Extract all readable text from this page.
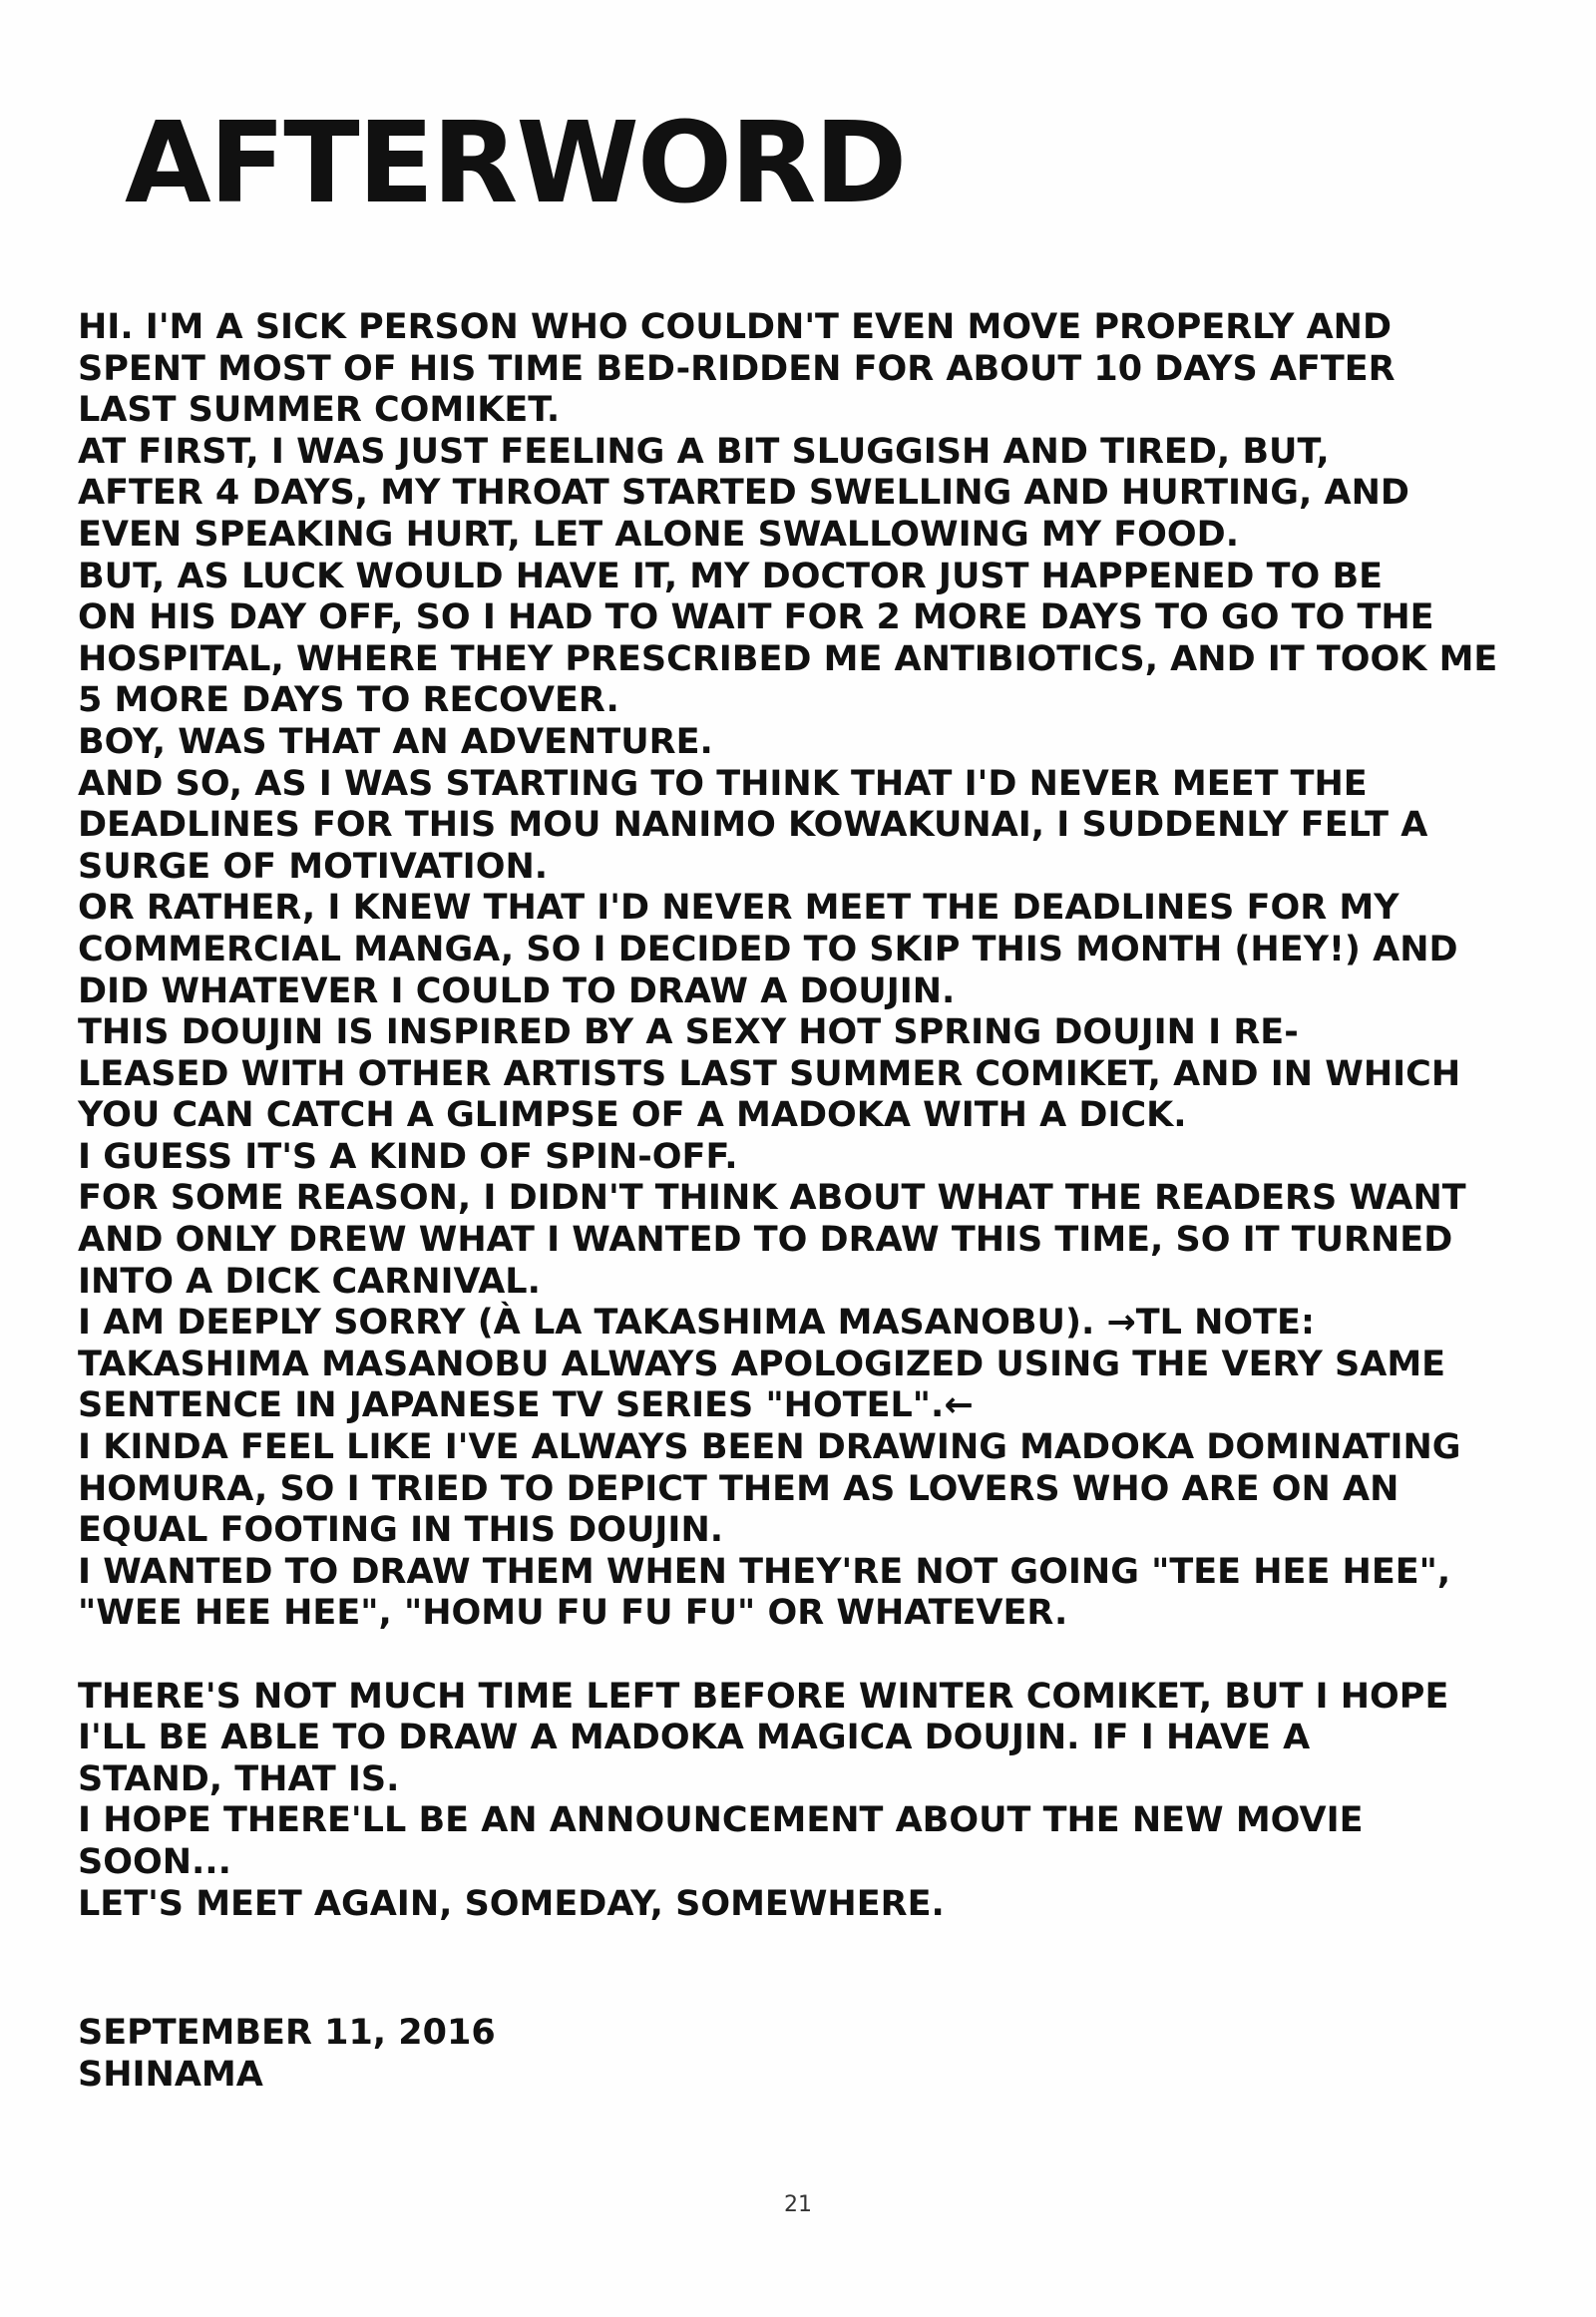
AFTERWORD
HI. I'M A SICK PERSON WHO COULDN'T EVEN MOVE PROPERLY AND
SPENT MOST OF HIS TIME BED-RIDDEN FOR ABOUT 10 DAYS AFTER
LAST SUMMER COMIKET.
AT FIRST, I WAS JUST FEELING A BIT SLUGGISH AND TIRED, BUT,
AFTER 4 DAYS, MY THROAT STARTED SWELLING AND HURTING, AND
EVEN SPEAKING HURT, LET ALONE SWALLOWING MY FOOD.
BUT, AS LUCK WOULD HAVE IT, MY DOCTOR JUST HAPPENED TO BE
ON HIS DAY OFF, SO I HAD TO WAIT FOR 2 MORE DAYS TO GO TO THE
HOSPITAL, WHERE THEY PRESCRIBED ME ANTIBIOTICS, AND IT TOOK ME
5 MORE DAYS TO RECOVER.
BOY, WAS THAT AN ADVENTURE.
AND SO, AS I WAS STARTING TO THINK THAT I'D NEVER MEET THE
DEADLINES FOR THIS MOU NANIMO KOWAKUNAI, I SUDDENLY FELT A
SURGE OF MOTIVATION.
OR RATHER, I KNEW THAT I'D NEVER MEET THE DEADLINES FOR MY
COMMERCIAL MANGA, SO I DECIDED TO SKIP THIS MONTH (HEY!) AND
DID WHATEVER I COULD TO DRAW A DOUJIN.
THIS DOUJIN IS INSPIRED BY A SEXY HOT SPRING DOUJIN I RE-
LEASED WITH OTHER ARTISTS LAST SUMMER COMIKET, AND IN WHICH
YOU CAN CATCH A GLIMPSE OF A MADOKA WITH A DICK.
I GUESS IT'S A KIND OF SPIN-OFF.
FOR SOME REASON, I DIDN'T THINK ABOUT WHAT THE READERS WANT
AND ONLY DREW WHAT I WANTED TO DRAW THIS TIME, SO IT TURNED
INTO A DICK CARNIVAL.
I AM DEEPLY SORRY (À LA TAKASHIMA MASANOBU). →TL NOTE:
TAKASHIMA MASANOBU ALWAYS APOLOGIZED USING THE VERY SAME
SENTENCE IN JAPANESE TV SERIES "HOTEL".←
I KINDA FEEL LIKE I'VE ALWAYS BEEN DRAWING MADOKA DOMINATING
HOMURA, SO I TRIED TO DEPICT THEM AS LOVERS WHO ARE ON AN
EQUAL FOOTING IN THIS DOUJIN.
I WANTED TO DRAW THEM WHEN THEY'RE NOT GOING "TEE HEE HEE",
"WEE HEE HEE", "HOMU FU FU FU" OR WHATEVER.
THERE'S NOT MUCH TIME LEFT BEFORE WINTER COMIKET, BUT I HOPE
I'LL BE ABLE TO DRAW A MADOKA MAGICA DOUJIN. IF I HAVE A
STAND, THAT IS.
I HOPE THERE'LL BE AN ANNOUNCEMENT ABOUT THE NEW MOVIE
SOON...
LET'S MEET AGAIN, SOMEDAY, SOMEWHERE.
SEPTEMBER 11, 2016
SHINAMA
21
